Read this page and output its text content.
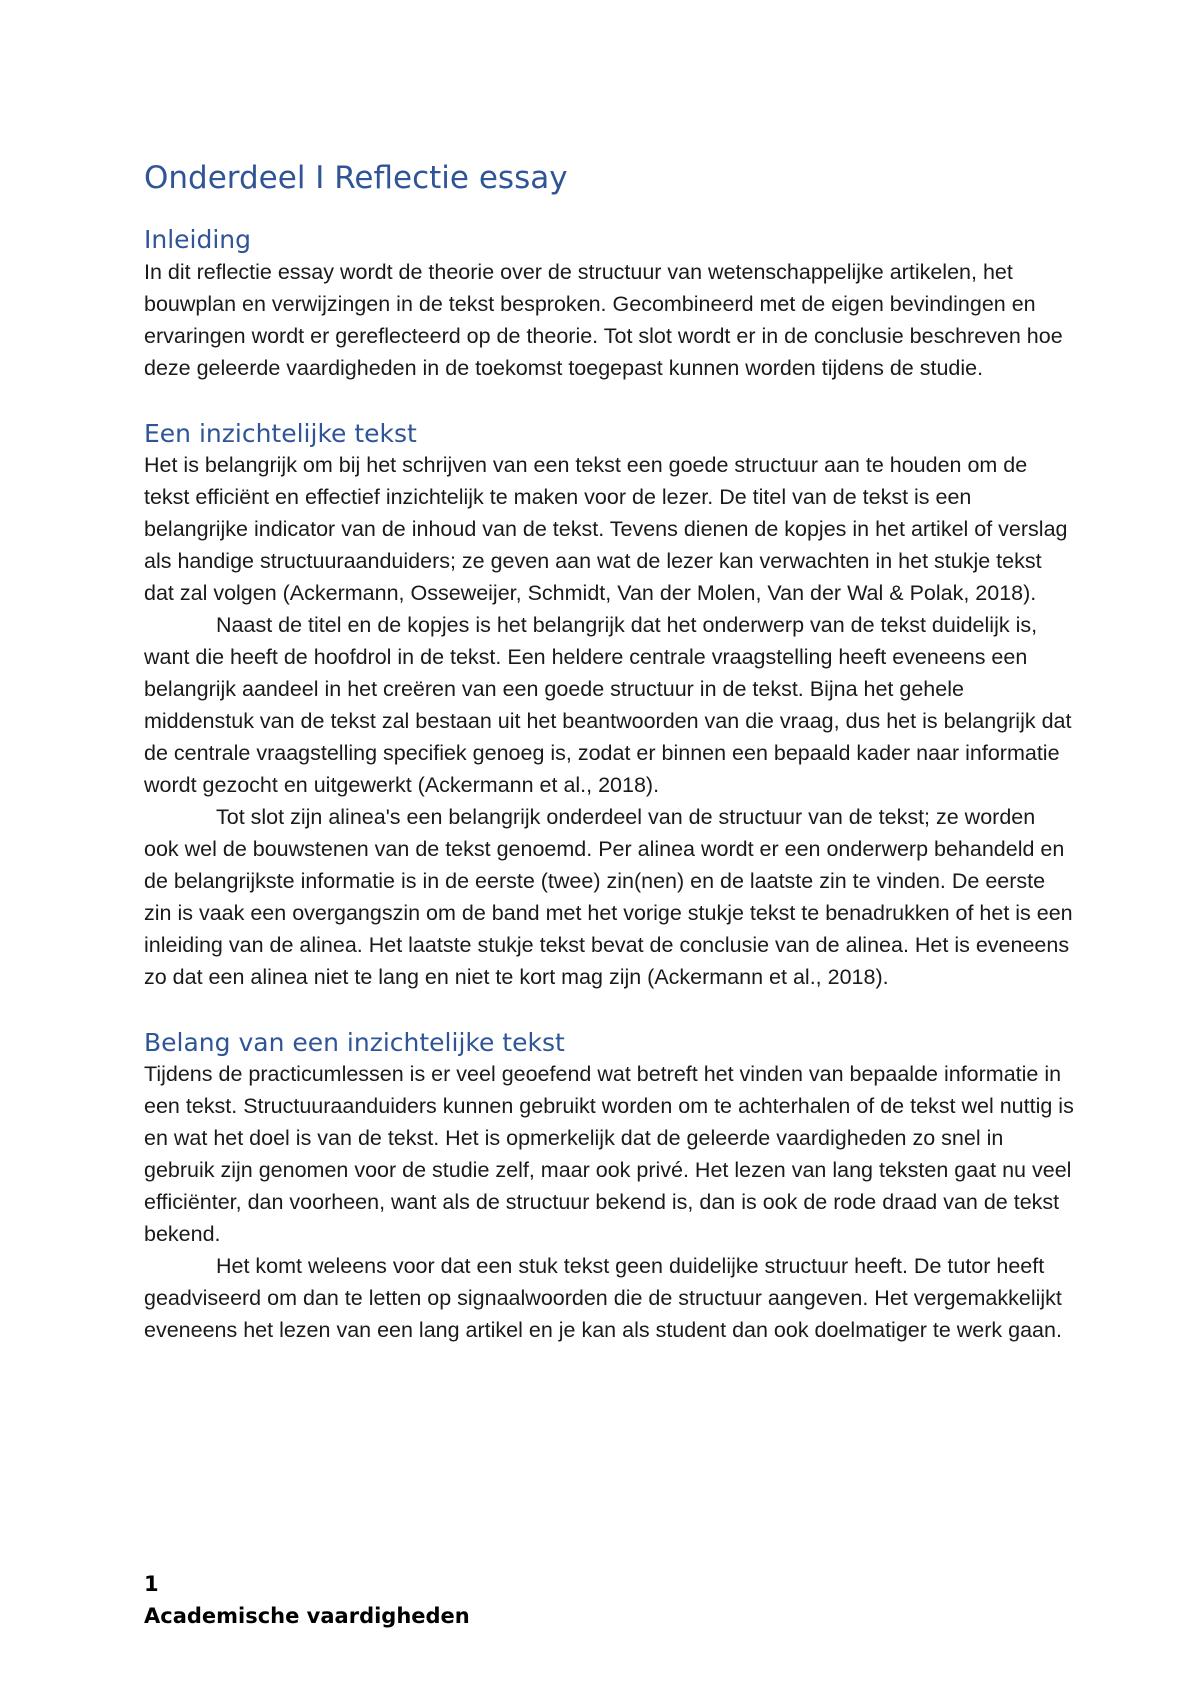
Onderdeel I Reflectie essay
Inleiding

In dit reflectie essay wordt de theorie over de structuur van wetenschappelijke artikelen, het bouwplan en verwijzingen in de tekst besproken. Gecombineerd met de eigen bevindingen en ervaringen wordt er gereflecteerd op de theorie. Tot slot wordt er in de conclusie beschreven hoe deze geleerde vaardigheden in de toekomst toegepast kunnen worden tijdens de studie.

Een inzichtelijke tekst

Het is belangrijk om bij het schrijven van een tekst een goede structuur aan te houden om de tekst efficiënt en effectief inzichtelijk te maken voor de lezer. De titel van de tekst is een belangrijke indicator van de inhoud van de tekst. Tevens dienen de kopjes in het artikel of verslag als handige structuuraanduiders; ze geven aan wat de lezer kan verwachten in het stukje tekst dat zal volgen (Ackermann, Osseweijer, Schmidt, Van der Molen, Van der Wal & Polak, 2018).

Naast de titel en de kopjes is het belangrijk dat het onderwerp van de tekst duidelijk is, want die heeft de hoofdrol in de tekst. Een heldere centrale vraagstelling heeft eveneens een belangrijk aandeel in het creëren van een goede structuur in de tekst. Bijna het gehele middenstuk van de tekst zal bestaan uit het beantwoorden van die vraag, dus het is belangrijk dat de centrale vraagstelling specifiek genoeg is, zodat er binnen een bepaald kader naar informatie wordt gezocht en uitgewerkt (Ackermann et al., 2018).

Tot slot zijn alinea's een belangrijk onderdeel van de structuur van de tekst; ze worden ook wel de bouwstenen van de tekst genoemd. Per alinea wordt er een onderwerp behandeld en de belangrijkste informatie is in de eerste (twee) zin(nen) en de laatste zin te vinden. De eerste zin is vaak een overgangszin om de band met het vorige stukje tekst te benadrukken of het is een inleiding van de alinea. Het laatste stukje tekst bevat de conclusie van de alinea. Het is eveneens zo dat een alinea niet te lang en niet te kort mag zijn (Ackermann et al., 2018).

Belang van een inzichtelijke tekst

Tijdens de practicumlessen is er veel geoefend wat betreft het vinden van bepaalde informatie in een tekst. Structuuraanduiders kunnen gebruikt worden om te achterhalen of de tekst wel nuttig is en wat het doel is van de tekst. Het is opmerkelijk dat de geleerde vaardigheden zo snel in gebruik zijn genomen voor de studie zelf, maar ook privé. Het lezen van lang teksten gaat nu veel efficiënter, dan voorheen, want als de structuur bekend is, dan is ook de rode draad van de tekst bekend.

Het komt weleens voor dat een stuk tekst geen duidelijke structuur heeft. De tutor heeft geadviseerd om dan te letten op signaalwoorden die de structuur aangeven. Het vergemakkelijkt eveneens het lezen van een lang artikel en je kan als student dan ook doelmatiger te werk gaan.

1
Academische vaardigheden
